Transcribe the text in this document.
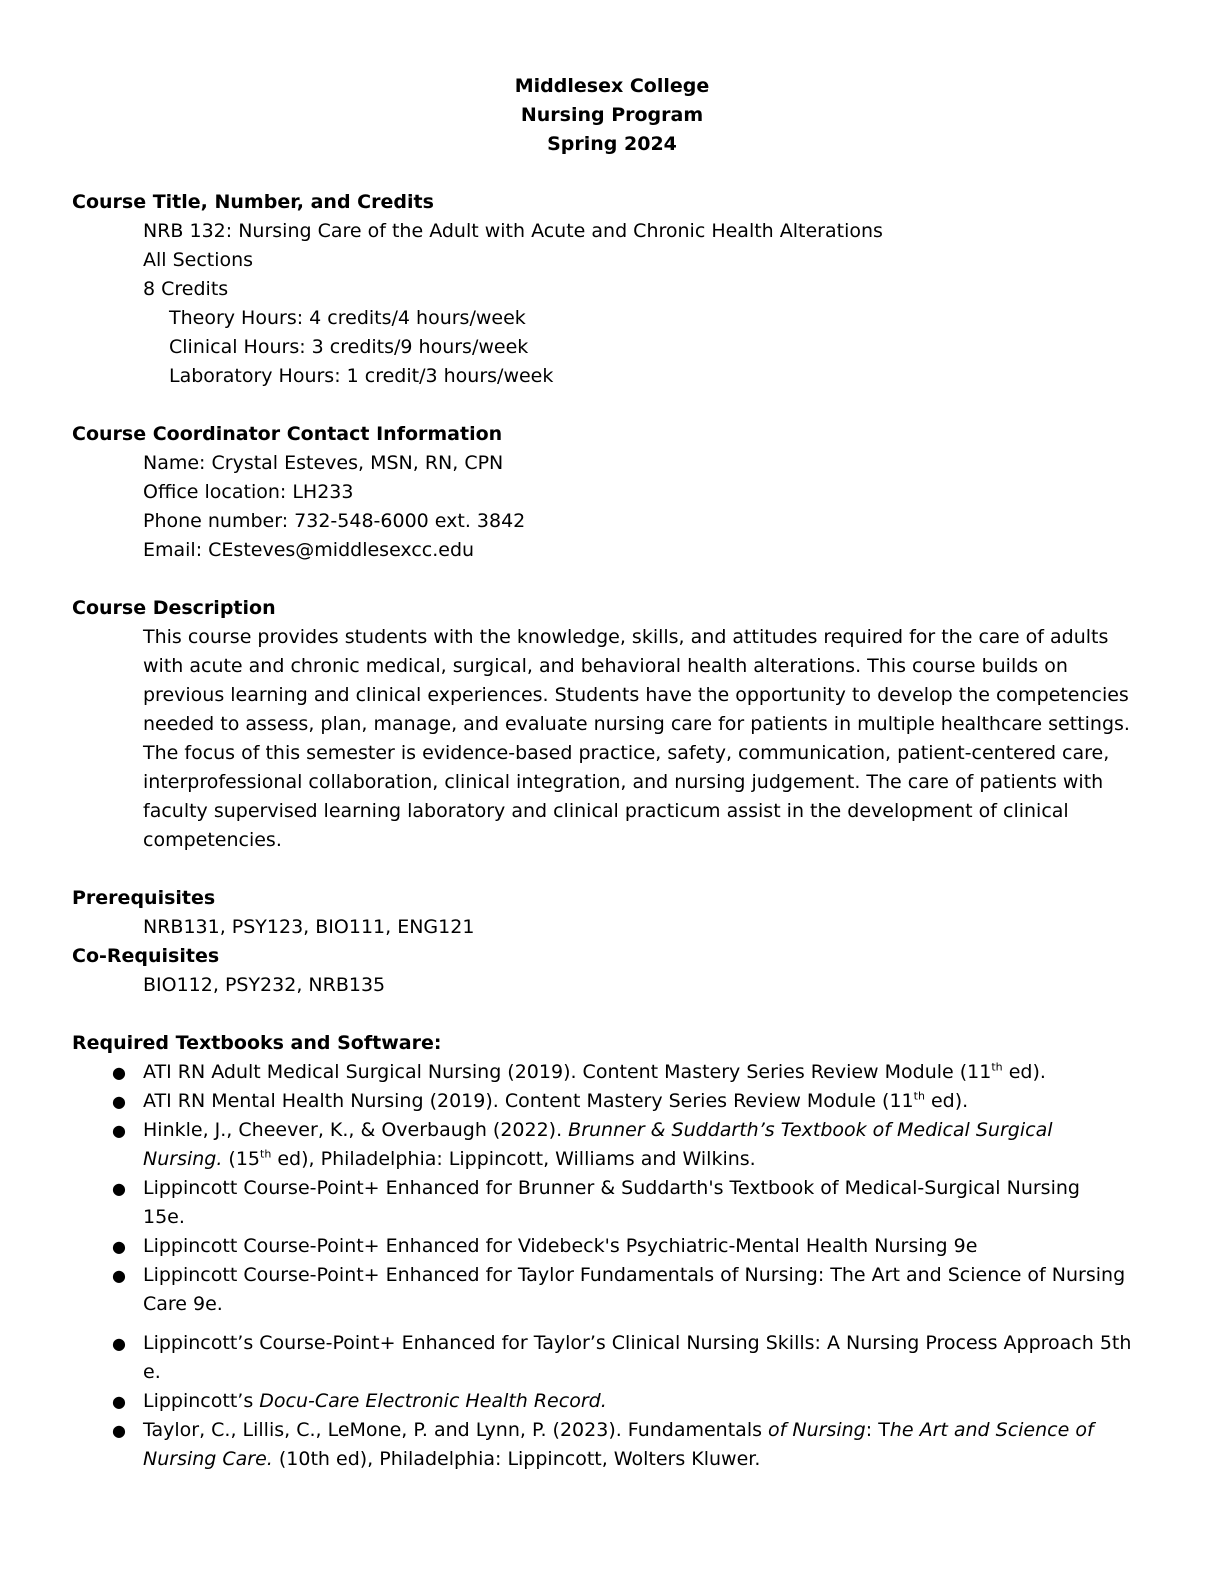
Middlesex College
Nursing Program
Spring 2024
Course Title, Number, and Credits
NRB 132: Nursing Care of the Adult with Acute and Chronic Health Alterations
All Sections
8 Credits
Theory Hours: 4 credits/4 hours/week
Clinical Hours: 3 credits/9 hours/week
Laboratory Hours: 1 credit/3 hours/week
Course Coordinator Contact Information
Name: Crystal Esteves, MSN, RN, CPN
Office location: LH233
Phone number: 732-548-6000 ext. 3842
Email: CEsteves@middlesexcc.edu
Course Description
This course provides students with the knowledge, skills, and attitudes required for the care of adults
with acute and chronic medical, surgical, and behavioral health alterations. This course builds on
previous learning and clinical experiences. Students have the opportunity to develop the competencies
needed to assess, plan, manage, and evaluate nursing care for patients in multiple healthcare settings.
The focus of this semester is evidence-based practice, safety, communication, patient-centered care,
interprofessional collaboration, clinical integration, and nursing judgement. The care of patients with
faculty supervised learning laboratory and clinical practicum assist in the development of clinical
competencies.
Prerequisites
NRB131, PSY123, BIO111, ENG121
Co-Requisites
BIO112, PSY232, NRB135
Required Textbooks and Software:
● ATI RN Adult Medical Surgical Nursing (2019). Content Mastery Series Review Module (11th ed).
● ATI RN Mental Health Nursing (2019). Content Mastery Series Review Module (11th ed).
● Hinkle, J., Cheever, K., & Overbaugh (2022). Brunner & Suddarth’s Textbook of Medical Surgical
Nursing. (15th ed), Philadelphia: Lippincott, Williams and Wilkins.
● Lippincott Course-Point+ Enhanced for Brunner & Suddarth's Textbook of Medical-Surgical Nursing
15e.
● Lippincott Course-Point+ Enhanced for Videbeck's Psychiatric-Mental Health Nursing 9e
● Lippincott Course-Point+ Enhanced for Taylor Fundamentals of Nursing: The Art and Science of Nursing
Care 9e.
● Lippincott’s Course-Point+ Enhanced for Taylor’s Clinical Nursing Skills: A Nursing Process Approach 5th
e.
● Lippincott’s Docu-Care Electronic Health Record.
● Taylor, C., Lillis, C., LeMone, P. and Lynn, P. (2023). Fundamentals of Nursing: The Art and Science of
Nursing Care. (10th ed), Philadelphia: Lippincott, Wolters Kluwer.
